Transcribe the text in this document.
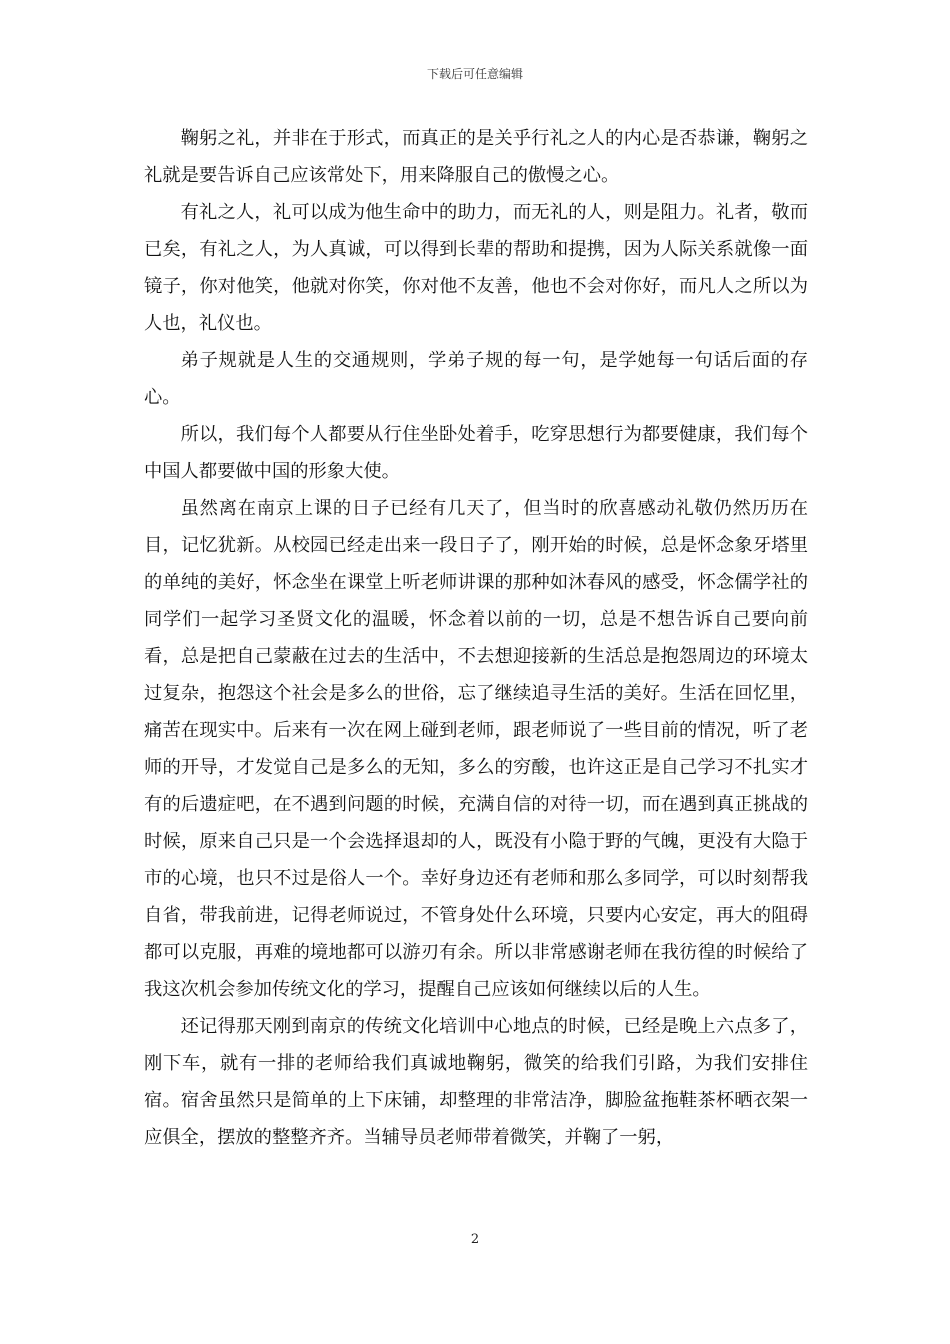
下载后可任意编辑

鞠躬之礼，并非在于形式，而真正的是关乎行礼之人的内心是否恭谦，鞠躬之礼就是要告诉自己应该常处下，用来降服自己的傲慢之心。

有礼之人，礼可以成为他生命中的助力，而无礼的人，则是阻力。礼者，敬而已矣，有礼之人，为人真诚，可以得到长辈的帮助和提携，因为人际关系就像一面镜子，你对他笑，他就对你笑，你对他不友善，他也不会对你好，而凡人之所以为人也，礼仪也。

弟子规就是人生的交通规则，学弟子规的每一句，是学她每一句话后面的存心。

所以，我们每个人都要从行住坐卧处着手，吃穿思想行为都要健康，我们每个中国人都要做中国的形象大使。

虽然离在南京上课的日子已经有几天了，但当时的欣喜感动礼敬仍然历历在目，记忆犹新。从校园已经走出来一段日子了，刚开始的时候，总是怀念象牙塔里的单纯的美好，怀念坐在课堂上听老师讲课的那种如沐春风的感受，怀念儒学社的同学们一起学习圣贤文化的温暖，怀念着以前的一切，总是不想告诉自己要向前看，总是把自己蒙蔽在过去的生活中，不去想迎接新的生活总是抱怨周边的环境太过复杂，抱怨这个社会是多么的世俗，忘了继续追寻生活的美好。生活在回忆里，痛苦在现实中。后来有一次在网上碰到老师，跟老师说了一些目前的情况，听了老师的开导，才发觉自己是多么的无知，多么的穷酸，也许这正是自己学习不扎实才有的后遗症吧，在不遇到问题的时候，充满自信的对待一切，而在遇到真正挑战的时候，原来自己只是一个会选择退却的人，既没有小隐于野的气魄，更没有大隐于市的心境，也只不过是俗人一个。幸好身边还有老师和那么多同学，可以时刻帮我自省，带我前进，记得老师说过，不管身处什么环境，只要内心安定，再大的阻碍都可以克服，再难的境地都可以游刃有余。所以非常感谢老师在我彷徨的时候给了我这次机会参加传统文化的学习，提醒自己应该如何继续以后的人生。

还记得那天刚到南京的传统文化培训中心地点的时候，已经是晚上六点多了，刚下车，就有一排的老师给我们真诚地鞠躬，微笑的给我们引路，为我们安排住宿。宿舍虽然只是简单的上下床铺，却整理的非常洁净，脚脸盆拖鞋茶杯晒衣架一应俱全，摆放的整整齐齐。当辅导员老师带着微笑，并鞠了一躬，

2
